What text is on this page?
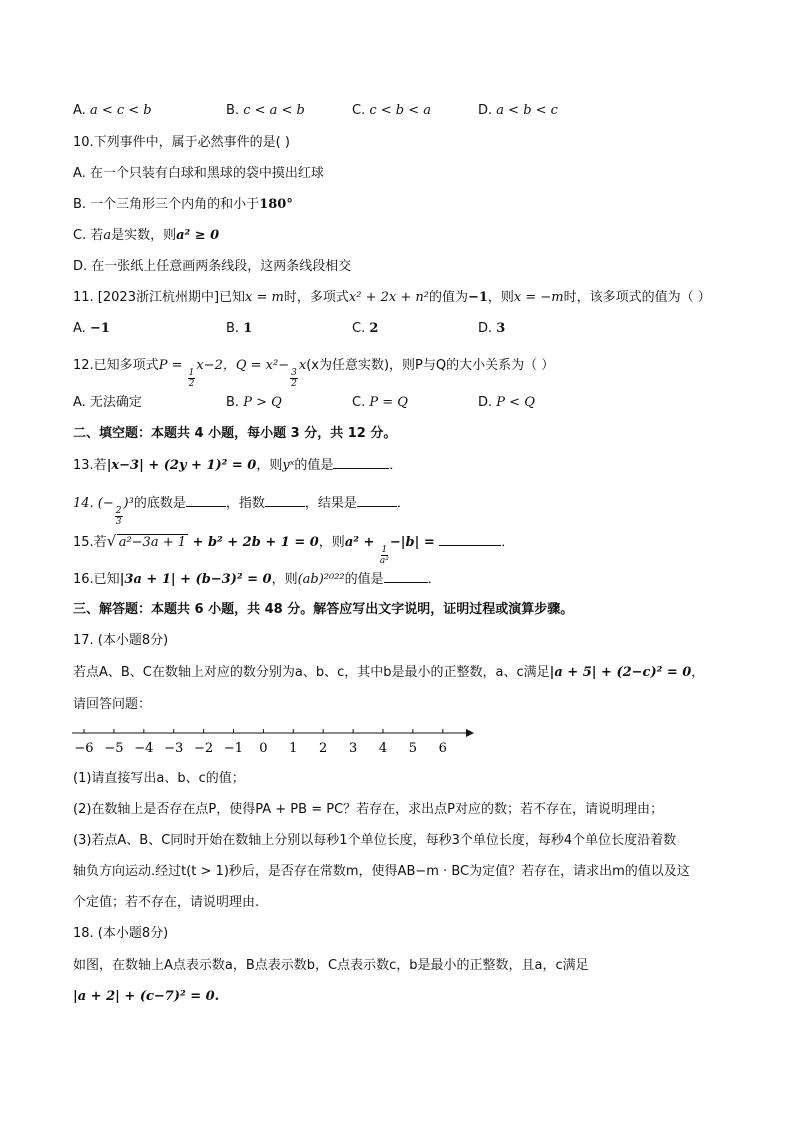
A. a < c < b	B. c < a < b	C. c < b < a	D. a < b < c
10.下列事件中，属于必然事件的是( )
A. 在一个只装有白球和黑球的袋中摸出红球
B. 一个三角形三个内角的和小于180°
C. 若a是实数，则a² ≥ 0
D. 在一张纸上任意画两条线段，这两条线段相交
11. [2023浙江杭州期中]已知x = m时，多项式x² + 2x + n²的值为−1，则x = −m时，该多项式的值为（ ）
A. −1	B. 1	C. 2	D. 3
12.已知多项式P =
$\frac{1}{2}$
x−2，Q = x²−
$\frac{3}{2}$
x(x为任意实数)，则P与Q的大小关系为（ ）
A. 无法确定	B. P > Q	C. P = Q	D. P < Q
二、填空题：本题共 4 小题，每小题 3 分，共 12 分。
13.若|x−3| + (2y + 1)² = 0，则yˣ的值是	．
14. (−
$\frac{2}{3}$
)³的底数是	，指数	，结果是	．
15.若 √ a²−3a + 1 + b² + 2b + 1 = 0，则a² +
$\frac{1}{\text{a²}}$
−|b| =	．
16.已知|3a + 1| + (b−3)² = 0，则(ab)²⁰²²的值是	．
三、解答题：本题共 6 小题，共 48 分。解答应写出文字说明，证明过程或演算步骤。
17. (本小题8分)
若点A、B、C在数轴上对应的数分别为a、b、c，其中b是最小的正整数，a、c满足|a + 5| + (2−c)² = 0，
请回答问题：
−6 −5 −4 −3 −2 −1 0 1 2 3 4 5 6
(1)请直接写出a、b、c的值；
(2)在数轴上是否存在点P，使得PA + PB = PC？若存在，求出点P对应的数；若不存在，请说明理由；
(3)若点A、B、C同时开始在数轴上分别以每秒1个单位长度，每秒3个单位长度，每秒4个单位长度沿着数
轴负方向运动.经过t(t > 1)秒后，是否存在常数m，使得AB−m · BC为定值？若存在，请求出m的值以及这
个定值；若不存在，请说明理由.
18. (本小题8分)
如图，在数轴上A点表示数a，B点表示数b，C点表示数c，b是最小的正整数，且a，c满足
|a + 2| + (c−7)² = 0.
